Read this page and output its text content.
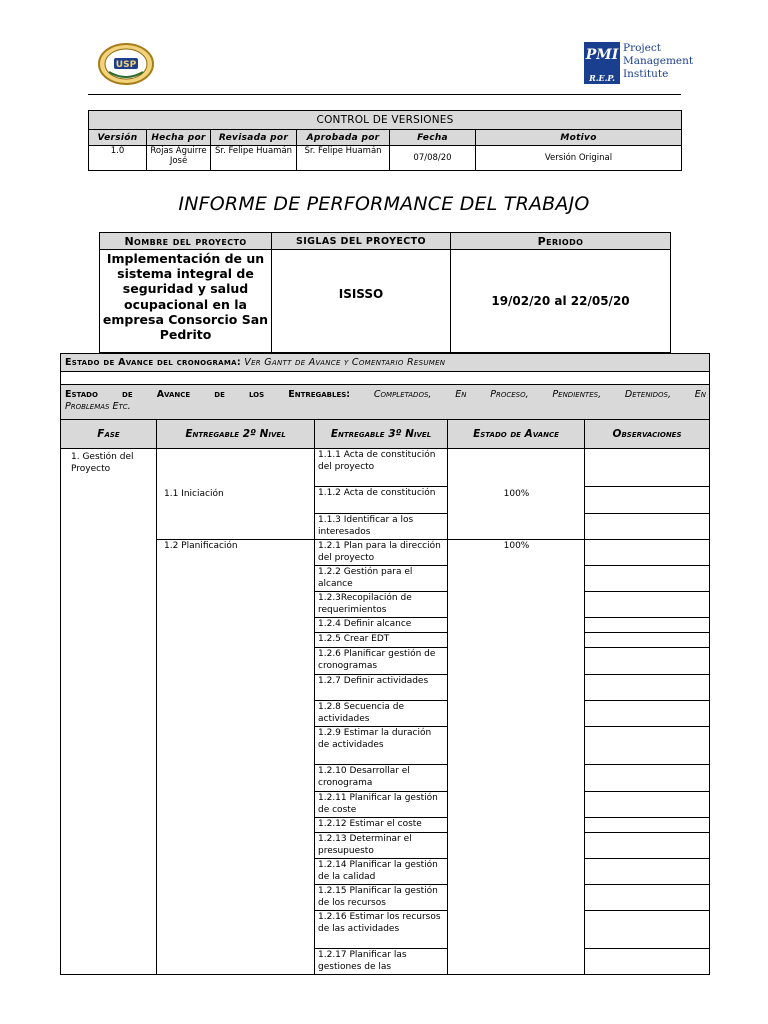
USP
PMI
R.E.P.
Project
Management
Institute
CONTROL DE VERSIONES					
Versión	Hecha por	Revisada por	Aprobada por	Fecha	Motivo
1.0	Rojas Aguirre José	Sr. Felipe Huamán	Sr. Felipe Huamán	07/08/20	Versión Original
INFORME DE PERFORMANCE DEL TRABAJO
Nombre del proyecto	SIGLAS DEL PROYECTO	Periodo
Implementación de un sistema integral de seguridad y salud ocupacional en la empresa Consorcio San Pedrito	ISISSO	19/02/20 al 22/05/20
Estado de Avance del cronograma: Ver Gantt de Avance y Comentario Resumen				

Estado de Avance de los Entregables: Completados, En Proceso, Pendientes, Detenidos, En
Problemas Etc.				

Fase	Entregable 2º Nivel	Entregable 3º Nivel	Estado de Avance	Observaciones
1. Gestión del Proyecto	1.1 Iniciación	1.1.1 Acta de constitución del proyecto	100%	
		1.1.2 Acta de constitución		
		1.1.3 Identificar a los interesados		
	1.2 Planificación	1.2.1 Plan para la dirección del proyecto	100%	
		1.2.2 Gestión para el alcance		
		1.2.3Recopilación de requerimientos		
		1.2.4 Definir alcance		
		1.2.5 Crear EDT		
		1.2.6 Planificar gestión de cronogramas		
		1.2.7 Definir actividades		
		1.2.8 Secuencia de actividades		
		1.2.9 Estimar la duración de actividades		
		1.2.10 Desarrollar el cronograma		
		1.2.11 Planificar la gestión de coste		
		1.2.12 Estimar el coste		
		1.2.13 Determinar el presupuesto		
		1.2.14 Planificar la gestión de la calidad		
		1.2.15 Planificar la gestión de los recursos		
		1.2.16 Estimar los recursos de las actividades		
		1.2.17 Planificar las gestiones de las		
